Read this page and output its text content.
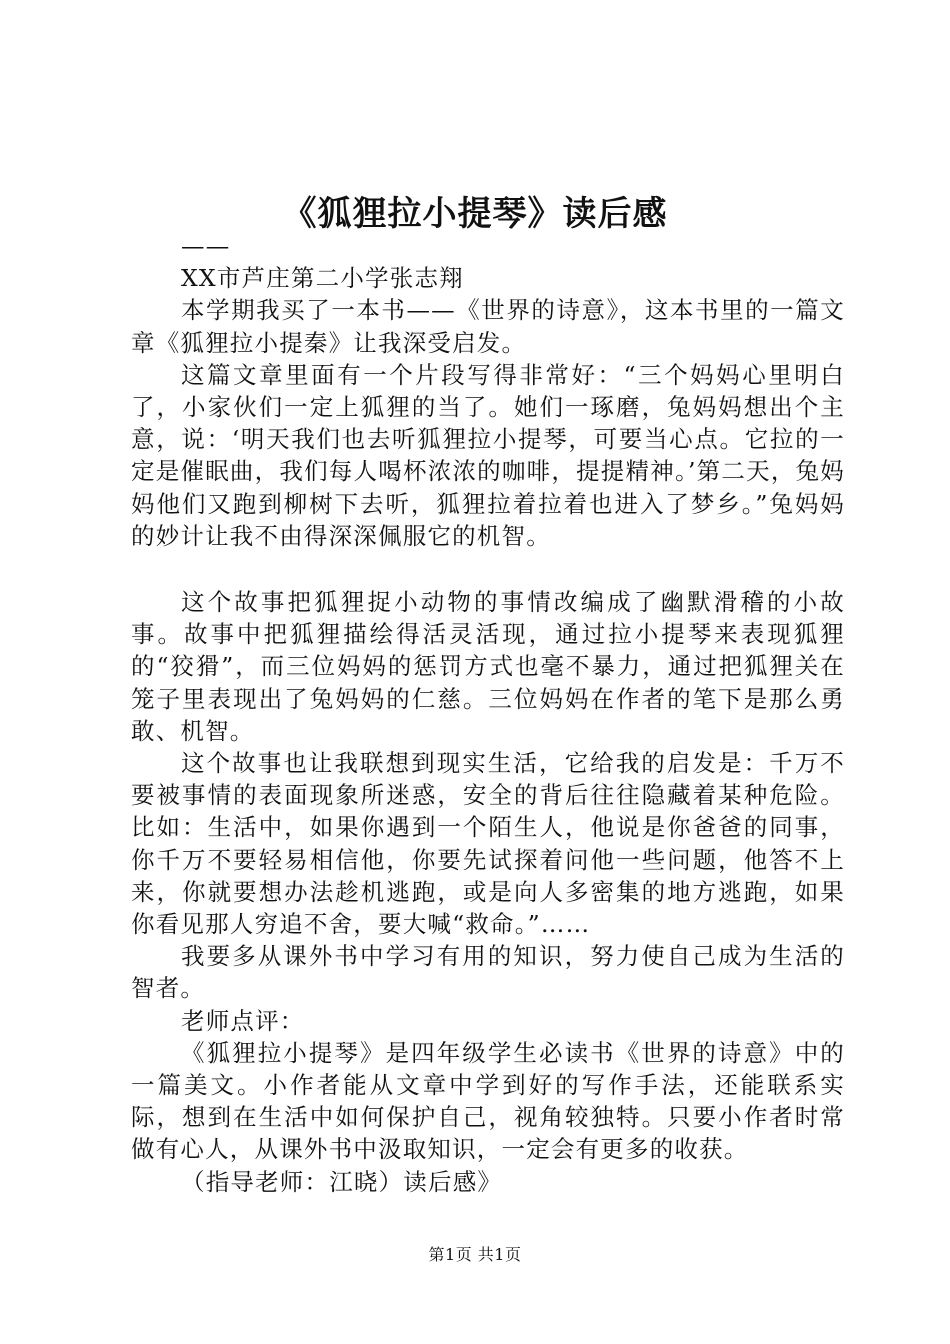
《狐狸拉小提琴》读后感

——

XX市芦庄第二小学张志翔

本学期我买了一本书——《世界的诗意》，这本书里的一篇文章《狐狸拉小提秦》让我深受启发。

这篇文章里面有一个片段写得非常好：“三个妈妈心里明白了，小家伙们一定上狐狸的当了。她们一琢磨，兔妈妈想出个主意，说：‘明天我们也去听狐狸拉小提琴，可要当心点。它拉的一定是催眠曲，我们每人喝杯浓浓的咖啡，提提精神。’第二天，兔妈妈他们又跑到柳树下去听，狐狸拉着拉着也进入了梦乡。”兔妈妈的妙计让我不由得深深佩服它的机智。

这个故事把狐狸捉小动物的事情改编成了幽默滑稽的小故事。故事中把狐狸描绘得活灵活现，通过拉小提琴来表现狐狸的“狡猾”，而三位妈妈的惩罚方式也毫不暴力，通过把狐狸关在笼子里表现出了兔妈妈的仁慈。三位妈妈在作者的笔下是那么勇敢、机智。

这个故事也让我联想到现实生活，它给我的启发是：千万不要被事情的表面现象所迷惑，安全的背后往往隐藏着某种危险。比如：生活中，如果你遇到一个陌生人，他说是你爸爸的同事，你千万不要轻易相信他，你要先试探着问他一些问题，他答不上来，你就要想办法趁机逃跑，或是向人多密集的地方逃跑，如果你看见那人穷追不舍，要大喊“救命。”……

我要多从课外书中学习有用的知识，努力使自己成为生活的智者。

老师点评：

《狐狸拉小提琴》是四年级学生必读书《世界的诗意》中的一篇美文。小作者能从文章中学到好的写作手法，还能联系实际，想到在生活中如何保护自己，视角较独特。只要小作者时常做有心人，从课外书中汲取知识，一定会有更多的收获。

（指导老师：江晓）读后感》

第1页 共1页
